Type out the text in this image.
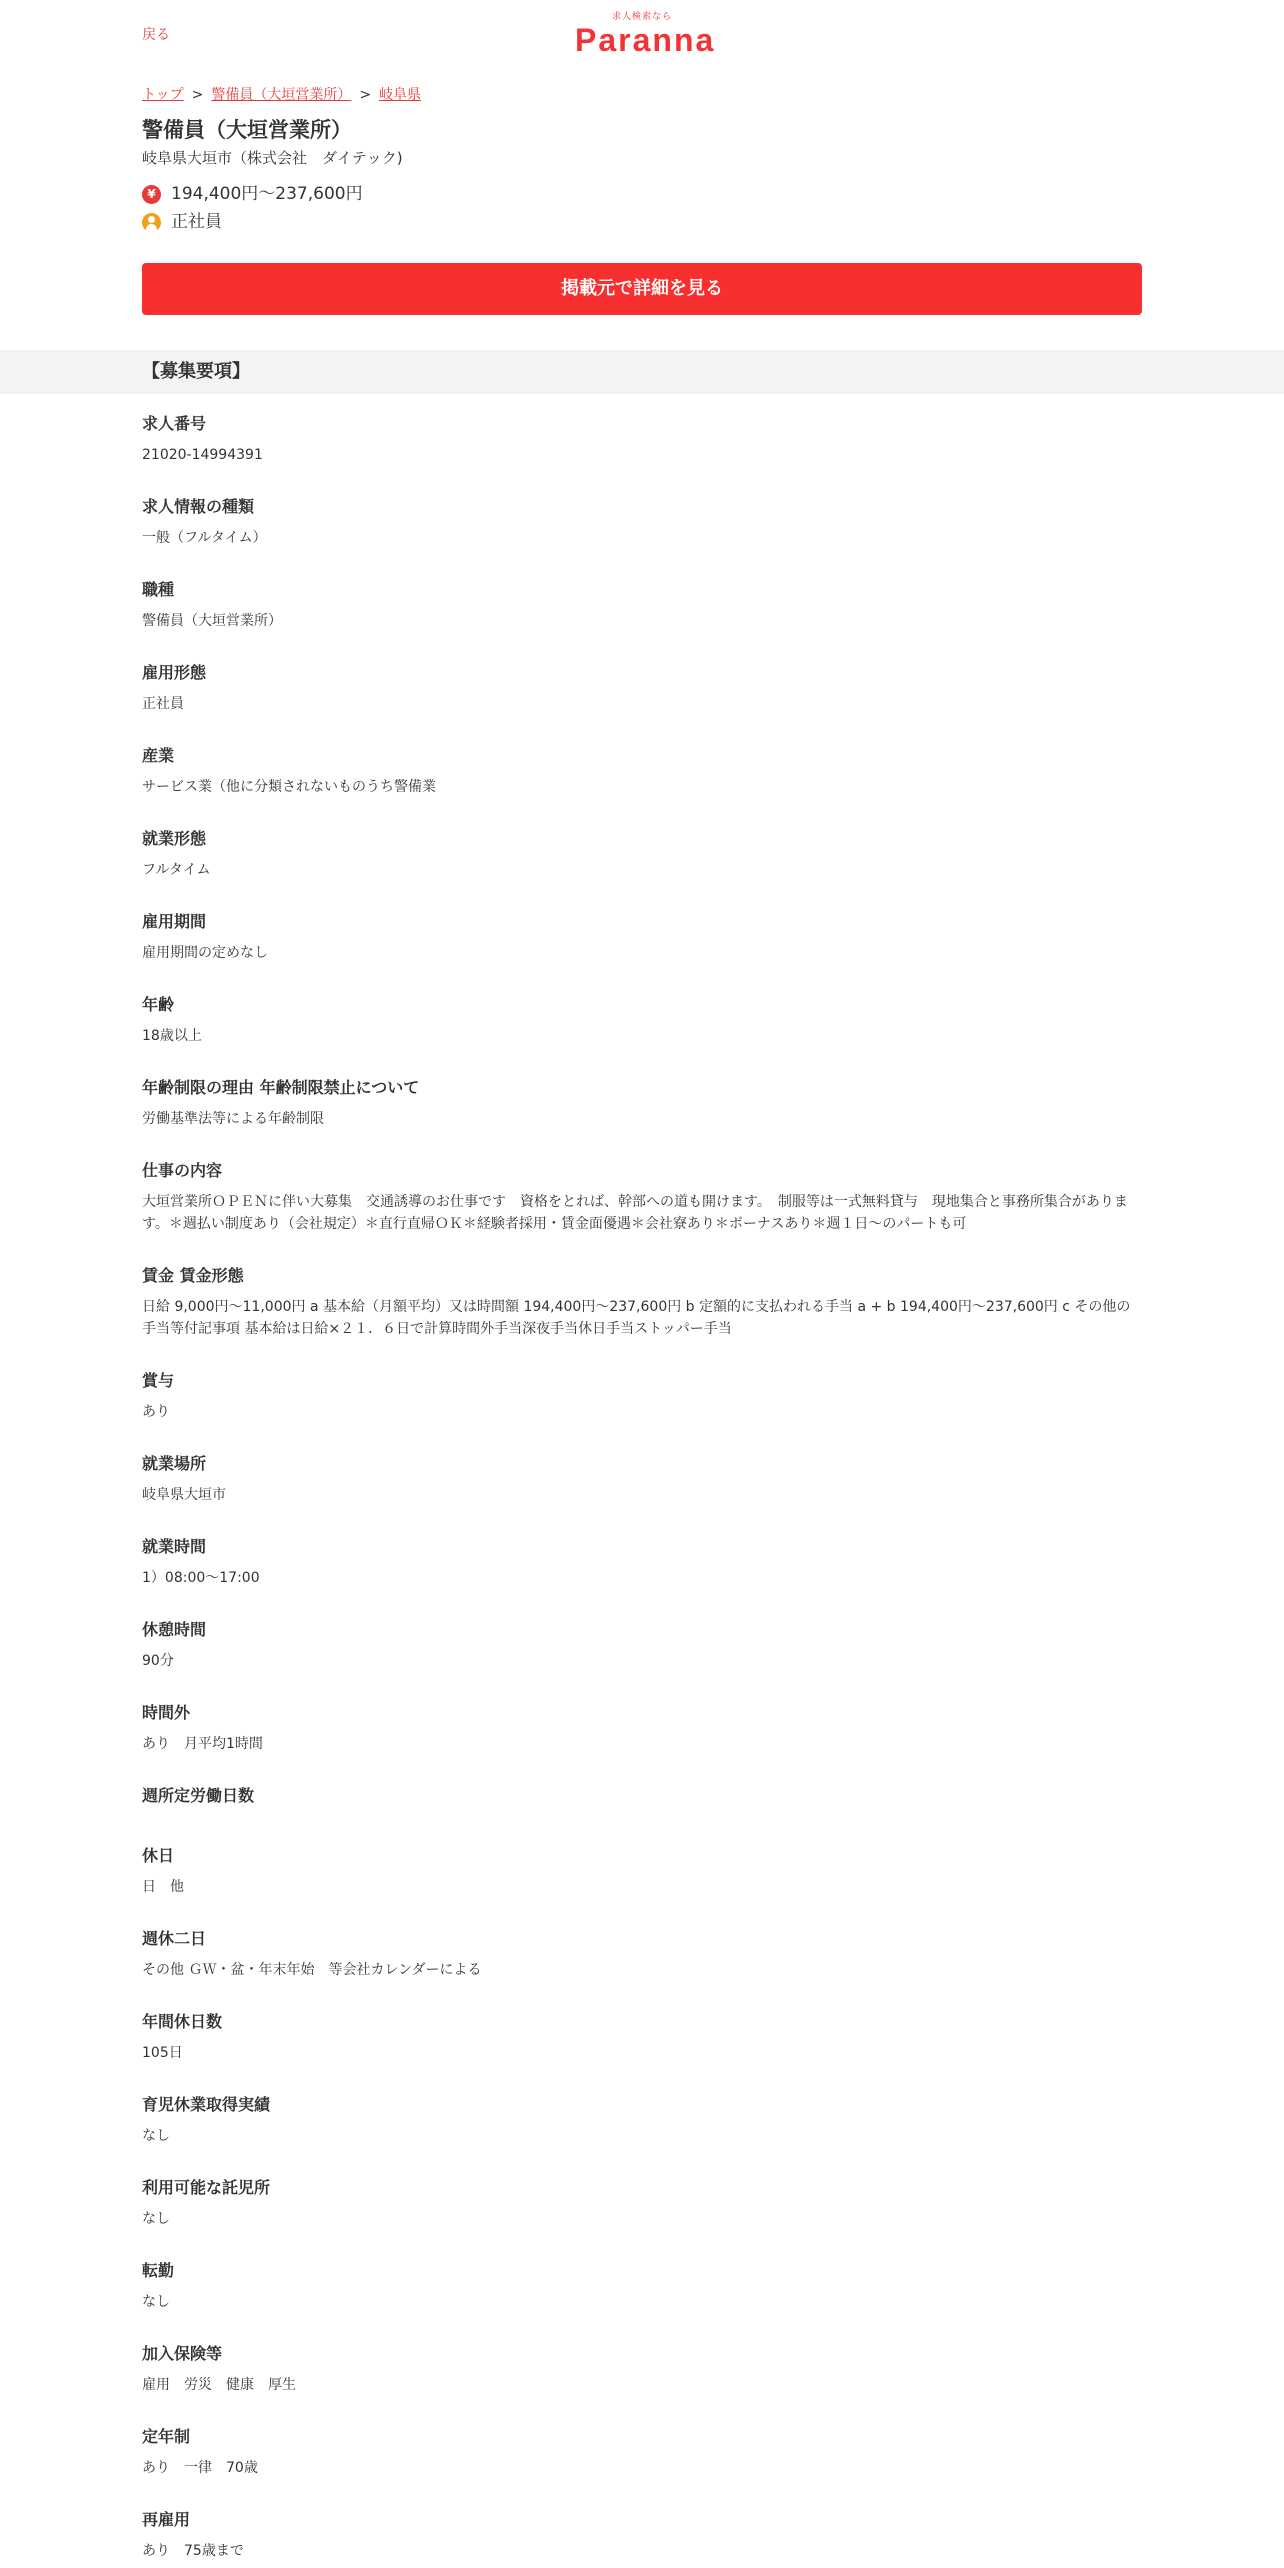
戻る
求人検索なら
Paranna
トップ > 警備員（大垣営業所） > 岐阜県
警備員（大垣営業所）
岐阜県大垣市（株式会社　ダイテック)
¥ 194,400円～237,600円
正社員
掲載元で詳細を見る
【募集要項】
求人番号
21020-14994391
求人情報の種類
一般（フルタイム）
職種
警備員（大垣営業所）
雇用形態
正社員
産業
サービス業（他に分類されないものうち警備業
就業形態
フルタイム
雇用期間
雇用期間の定めなし
年齢
18歳以上
年齢制限の理由 年齢制限禁止について
労働基準法等による年齢制限
仕事の内容
大垣営業所ＯＰＥＮに伴い大募集　交通誘導のお仕事です　資格をとれば、幹部への道も開けます。　制服等は一式無料貸与　現地集合と事務所集合があります。＊週払い制度あり（会社規定）＊直行直帰ＯＫ＊経験者採用・賃金面優遇＊会社寮あり＊ボーナスあり＊週１日～のパートも可
賃金 賃金形態
日給 9,000円～11,000円 a 基本給（月額平均）又は時間額 194,400円～237,600円 b 定額的に支払われる手当 a + b 194,400円～237,600円 c その他の手当等付記事項 基本給は日給×２１．６日で計算時間外手当深夜手当休日手当ストッパー手当
賞与
あり
就業場所
岐阜県大垣市
就業時間
1）08:00～17:00
休憩時間
90分
時間外
あり　月平均1時間
週所定労働日数
休日
日　他
週休二日
その他 ＧＷ・盆・年末年始　等会社カレンダーによる
年間休日数
105日
育児休業取得実績
なし
利用可能な託児所
なし
転勤
なし
加入保険等
雇用　労災　健康　厚生
定年制
あり　一律　70歳
再雇用
あり　75歳まで
